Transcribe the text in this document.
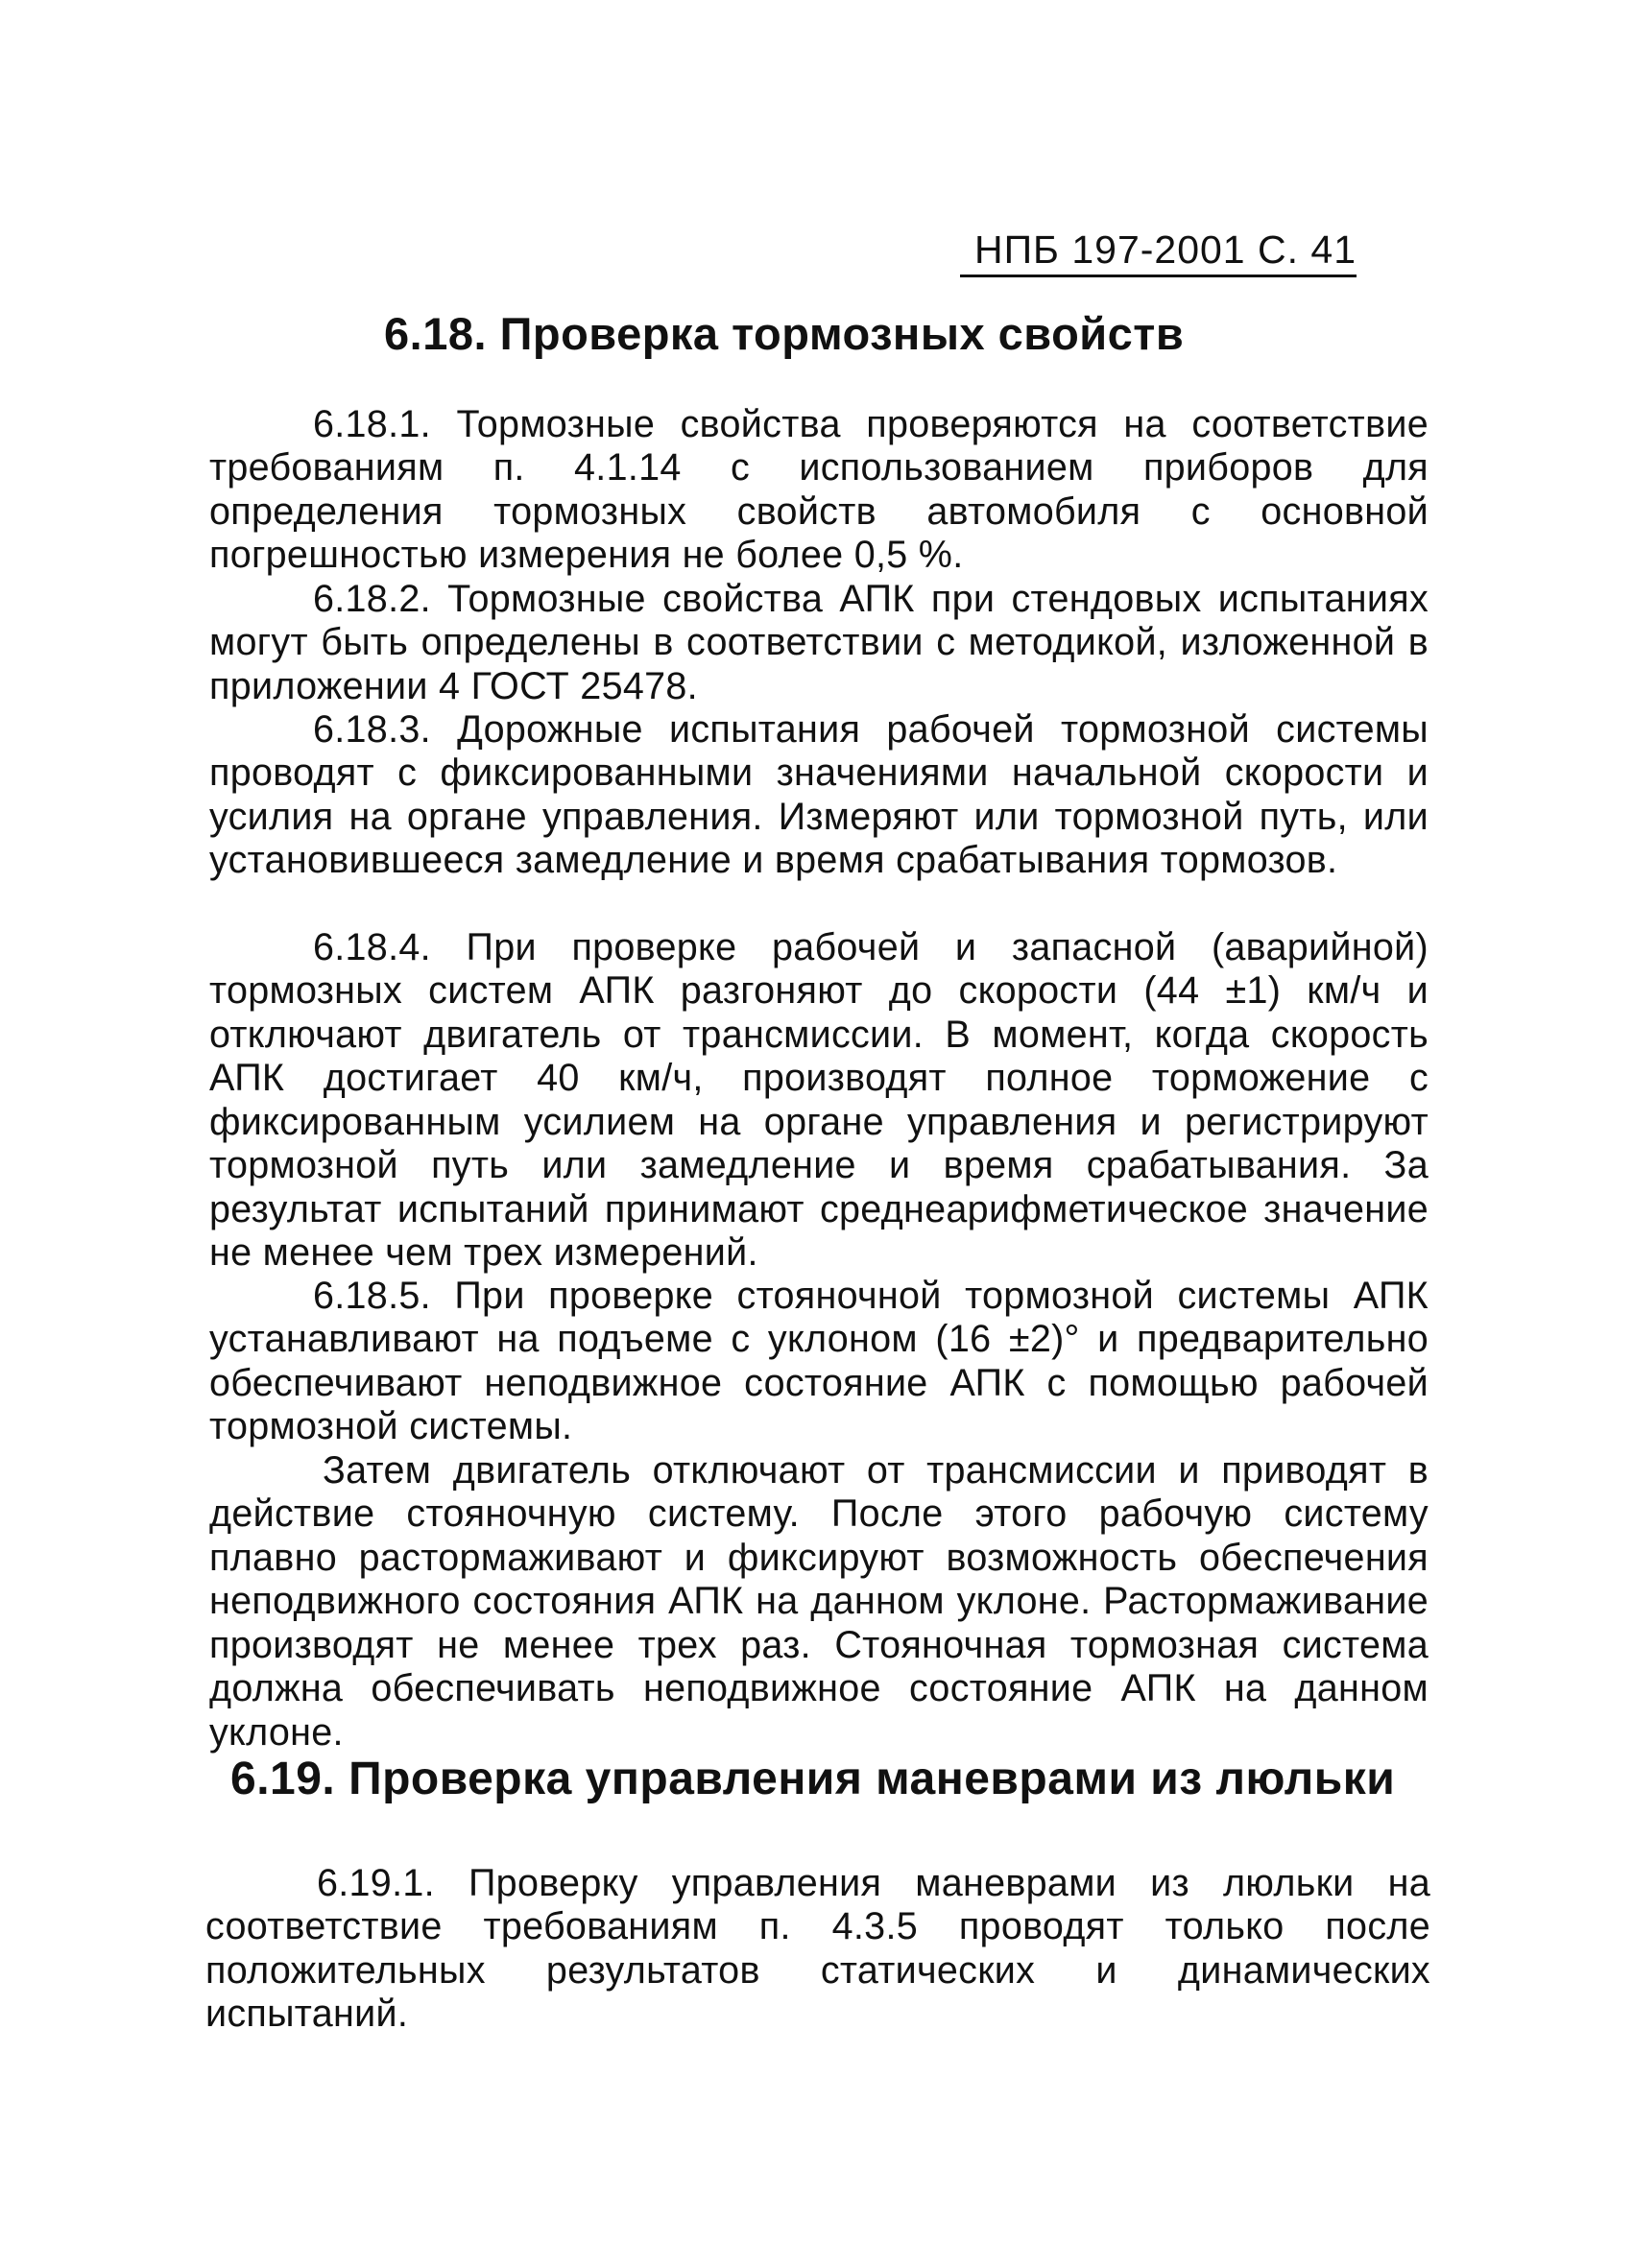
НПБ 197-2001 С. 41
6.18. Проверка тормозных свойств

6.18.1. Тормозные свойства проверяются на соответствие требованиям п. 4.1.14 с использованием приборов для определения тормозных свойств автомобиля с основной погрешностью измерения не более 0,5 %.

6.18.2. Тормозные свойства АПК при стендовых испытаниях могут быть определены в соответствии с методикой, изложенной в приложении 4 ГОСТ 25478.

6.18.3. Дорожные испытания рабочей тормозной системы проводят с фиксированными значениями начальной скорости и усилия на органе управления. Измеряют или тормозной путь, или установившееся замедление и время срабатывания тормозов.

6.18.4. При проверке рабочей и запасной (аварийной) тормозных систем АПК разгоняют до скорости (44 ±1) км/ч и отключают двигатель от трансмиссии. В момент, когда скорость АПК достигает 40 км/ч, производят полное торможение с фиксированным усилием на органе управления и регистрируют тормозной путь или замедление и время срабатывания. За результат испытаний принимают среднеарифметическое значение не менее чем трех измерений.

6.18.5. При проверке стояночной тормозной системы АПК устанавливают на подъеме с уклоном (16 ±2)° и предварительно обеспечивают неподвижное состояние АПК с помощью рабочей тормозной системы.

Затем двигатель отключают от трансмиссии и приводят в действие стояночную систему. После этого рабочую систему плавно растормаживают и фиксируют возможность обеспечения неподвижного состояния АПК на данном уклоне. Растормаживание производят не менее трех раз. Стояночная тормозная система должна обеспечивать неподвижное состояние АПК на данном уклоне.

6.19. Проверка управления маневрами из люльки

6.19.1. Проверку управления маневрами из люльки на соответствие требованиям п. 4.3.5 проводят только после положительных результатов статических и динамических испытаний.
